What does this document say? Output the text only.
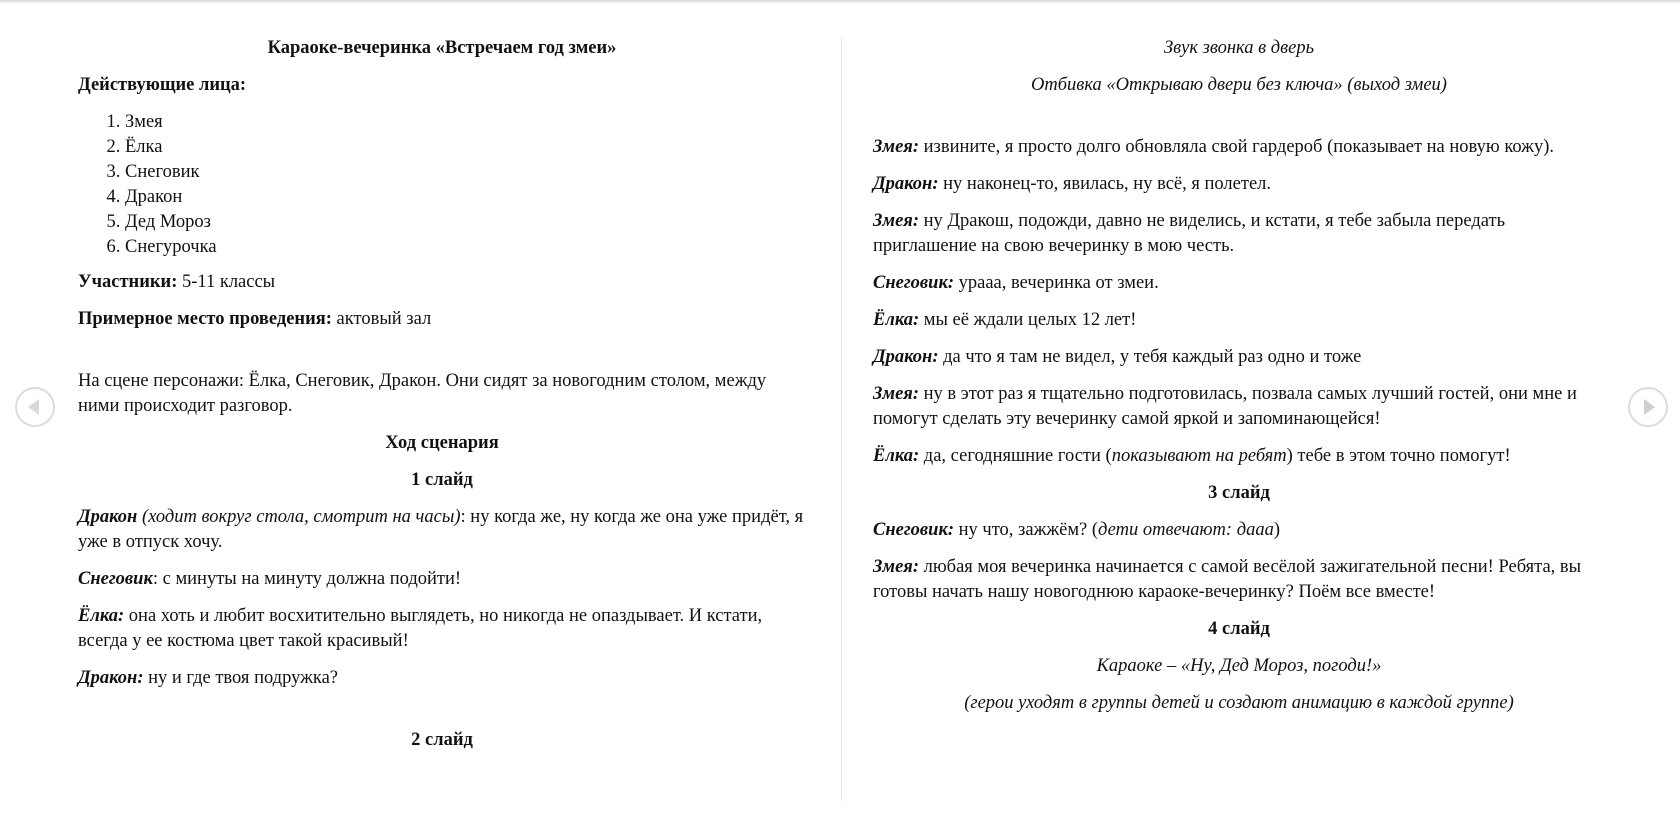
Караоке-вечеринка «Встречаем год змеи»

Действующие лица:

1. Змея
2. Ёлка
3. Снеговик
4. Дракон
5. Дед Мороз
6. Снегурочка

Участники: 5-11 классы

Примерное место проведения: актовый зал

На сцене персонажи: Ёлка, Снеговик, Дракон. Они сидят за новогодним столом, между ними происходит разговор.

Ход сценария

1 слайд

Дракон (ходит вокруг стола, смотрит на часы): ну когда же, ну когда же она уже придёт, я уже в отпуск хочу.

Снеговик: с минуты на минуту должна подойти!

Ёлка: она хоть и любит восхитительно выглядеть, но никогда не опаздывает. И кстати, всегда у ее костюма цвет такой красивый!

Дракон: ну и где твоя подружка?

2 слайд

Звук звонка в дверь

Отбивка «Открываю двери без ключа» (выход змеи)

Змея: извините, я просто долго обновляла свой гардероб (показывает на новую кожу).

Дракон: ну наконец-то, явилась, ну всё, я полетел.

Змея: ну Дракош, подожди, давно не виделись, и кстати, я тебе забыла передать приглашение на свою вечеринку в мою честь.

Снеговик: урааа, вечеринка от змеи.

Ёлка: мы её ждали целых 12 лет!

Дракон: да что я там не видел, у тебя каждый раз одно и тоже

Змея: ну в этот раз я тщательно подготовилась, позвала самых лучший гостей, они мне и помогут сделать эту вечеринку самой яркой и запоминающейся!

Ёлка: да, сегодняшние гости (показывают на ребят) тебе в этом точно помогут!

3 слайд

Снеговик: ну что, зажжём? (дети отвечают: дааа)

Змея: любая моя вечеринка начинается с самой весёлой зажигательной песни! Ребята, вы готовы начать нашу новогоднюю караоке-вечеринку? Поём все вместе!

4 слайд

Караоке – «Ну, Дед Мороз, погоди!»

(герои уходят в группы детей и создают анимацию в каждой группе)
